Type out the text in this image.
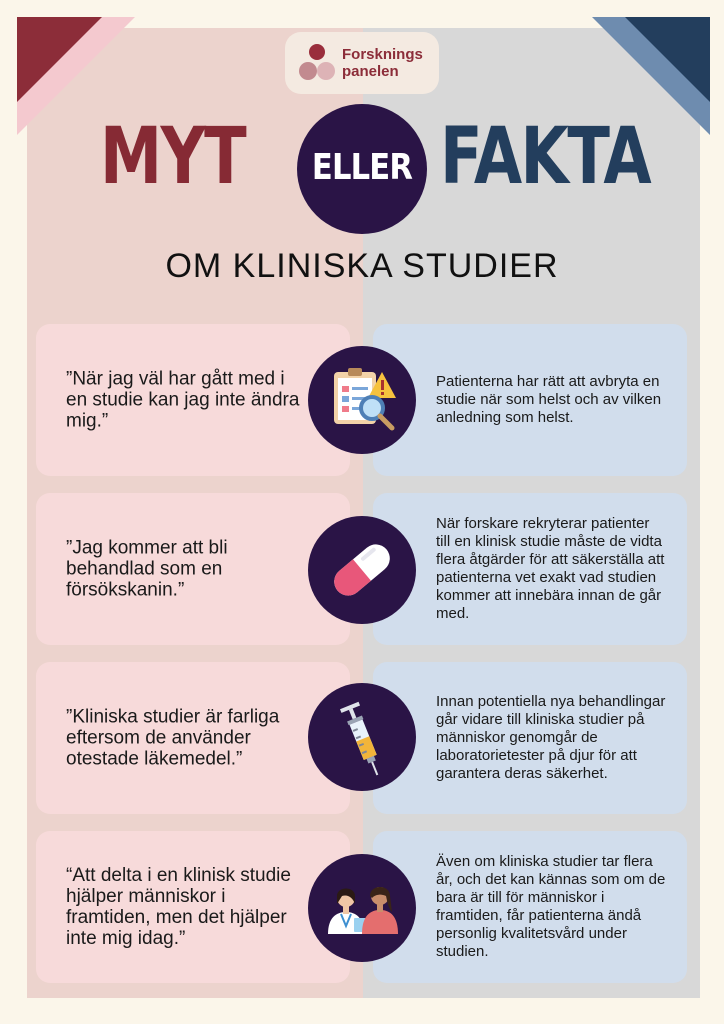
Forsknings
panelen
MYT ELLER FAKTA
OM KLINISKA STUDIER
”När jag väl har gått med i en studie kan jag inte ändra mig.”
Patienterna har rätt att avbryta en studie när som helst och av vilken anledning som helst.
”Jag kommer att bli behandlad som en försökskanin.”
När forskare rekryterar patienter till en klinisk studie måste de vidta flera åtgärder för att säkerställa att patienterna vet exakt vad studien kommer att innebära innan de går med.
”Kliniska studier är farliga eftersom de använder otestade läkemedel.”
Innan potentiella nya behandlingar går vidare till kliniska studier på människor genomgår de laboratorietester på djur för att garantera deras säkerhet.
“Att delta i en klinisk studie hjälper människor i framtiden, men det hjälper inte mig idag.”
Även om kliniska studier tar flera år, och det kan kännas som om de bara är till för människor i framtiden, får patienterna ändå personlig kvalitetsvård under studien.
